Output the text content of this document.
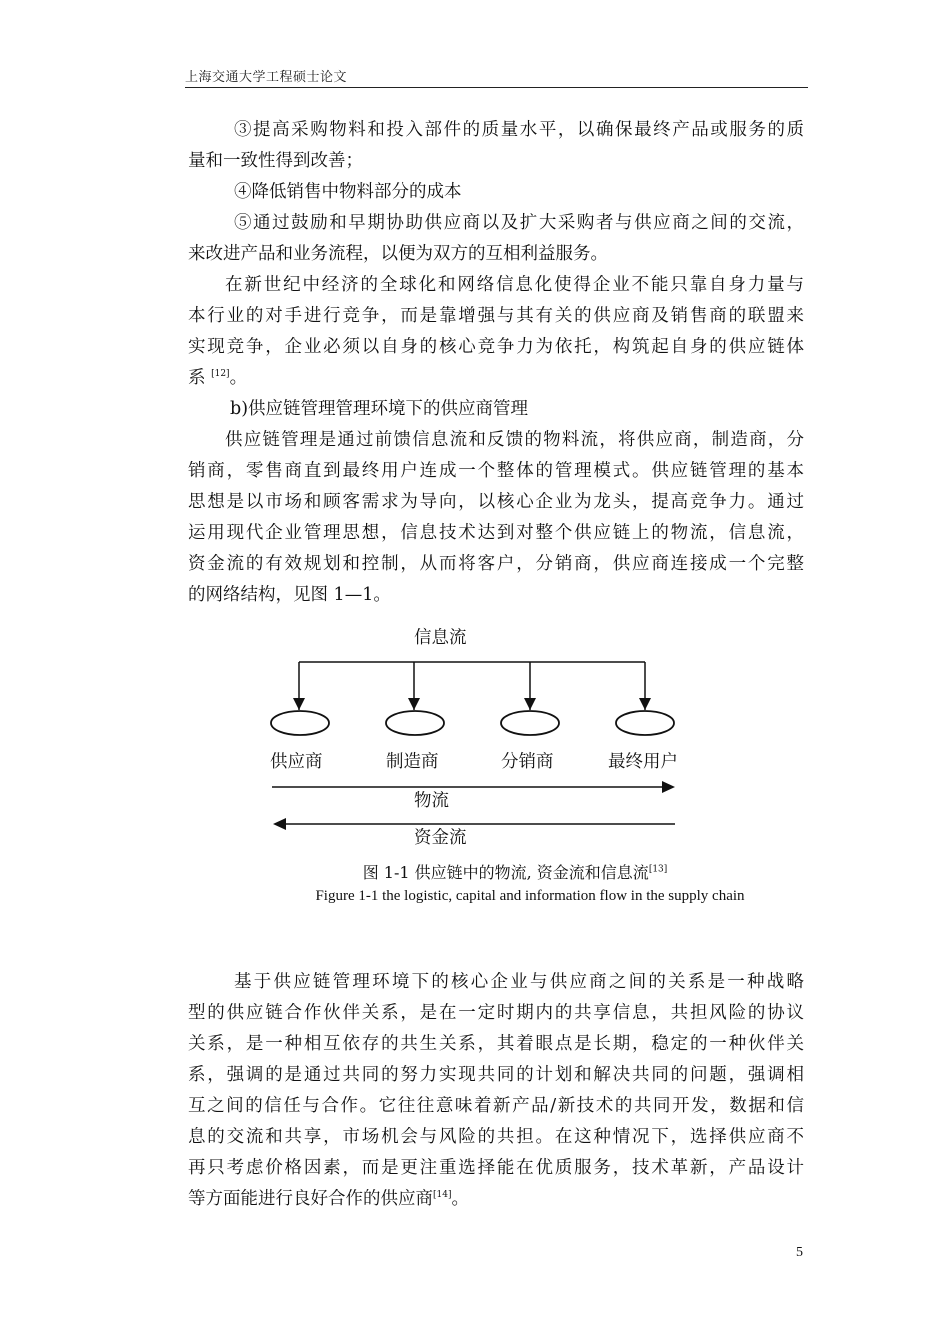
上海交通大学工程硕士论文
③提高采购物料和投入部件的质量水平，以确保最终产品或服务的质
量和一致性得到改善；
④降低销售中物料部分的成本
⑤通过鼓励和早期协助供应商以及扩大采购者与供应商之间的交流，
来改进产品和业务流程，以便为双方的互相利益服务。
在新世纪中经济的全球化和网络信息化使得企业不能只靠自身力量与
本行业的对手进行竞争，而是靠增强与其有关的供应商及销售商的联盟来
实现竞争，企业必须以自身的核心竞争力为依托，构筑起自身的供应链体
系 [12]。
b)供应链管理管理环境下的供应商管理
供应链管理是通过前馈信息流和反馈的物料流，将供应商，制造商，分
销商，零售商直到最终用户连成一个整体的管理模式。供应链管理的基本
思想是以市场和顾客需求为导向，以核心企业为龙头，提高竞争力。通过
运用现代企业管理思想，信息技术达到对整个供应链上的物流，信息流，
资金流的有效规划和控制，从而将客户，分销商，供应商连接成一个完整
的网络结构，见图 1—1。
信息流
供应商	制造商	分销商	最终用户
物流
资金流
图 1-1 供应链中的物流, 资金流和信息流[13]
Figure 1-1 the logistic, capital and information flow in the supply chain
基于供应链管理环境下的核心企业与供应商之间的关系是一种战略
型的供应链合作伙伴关系，是在一定时期内的共享信息，共担风险的协议
关系，是一种相互依存的共生关系，其着眼点是长期，稳定的一种伙伴关
系，强调的是通过共同的努力实现共同的计划和解决共同的问题，强调相
互之间的信任与合作。它往往意味着新产品/新技术的共同开发，数据和信
息的交流和共享，市场机会与风险的共担。在这种情况下，选择供应商不
再只考虑价格因素，而是更注重选择能在优质服务，技术革新，产品设计
等方面能进行良好合作的供应商[14]。
5
